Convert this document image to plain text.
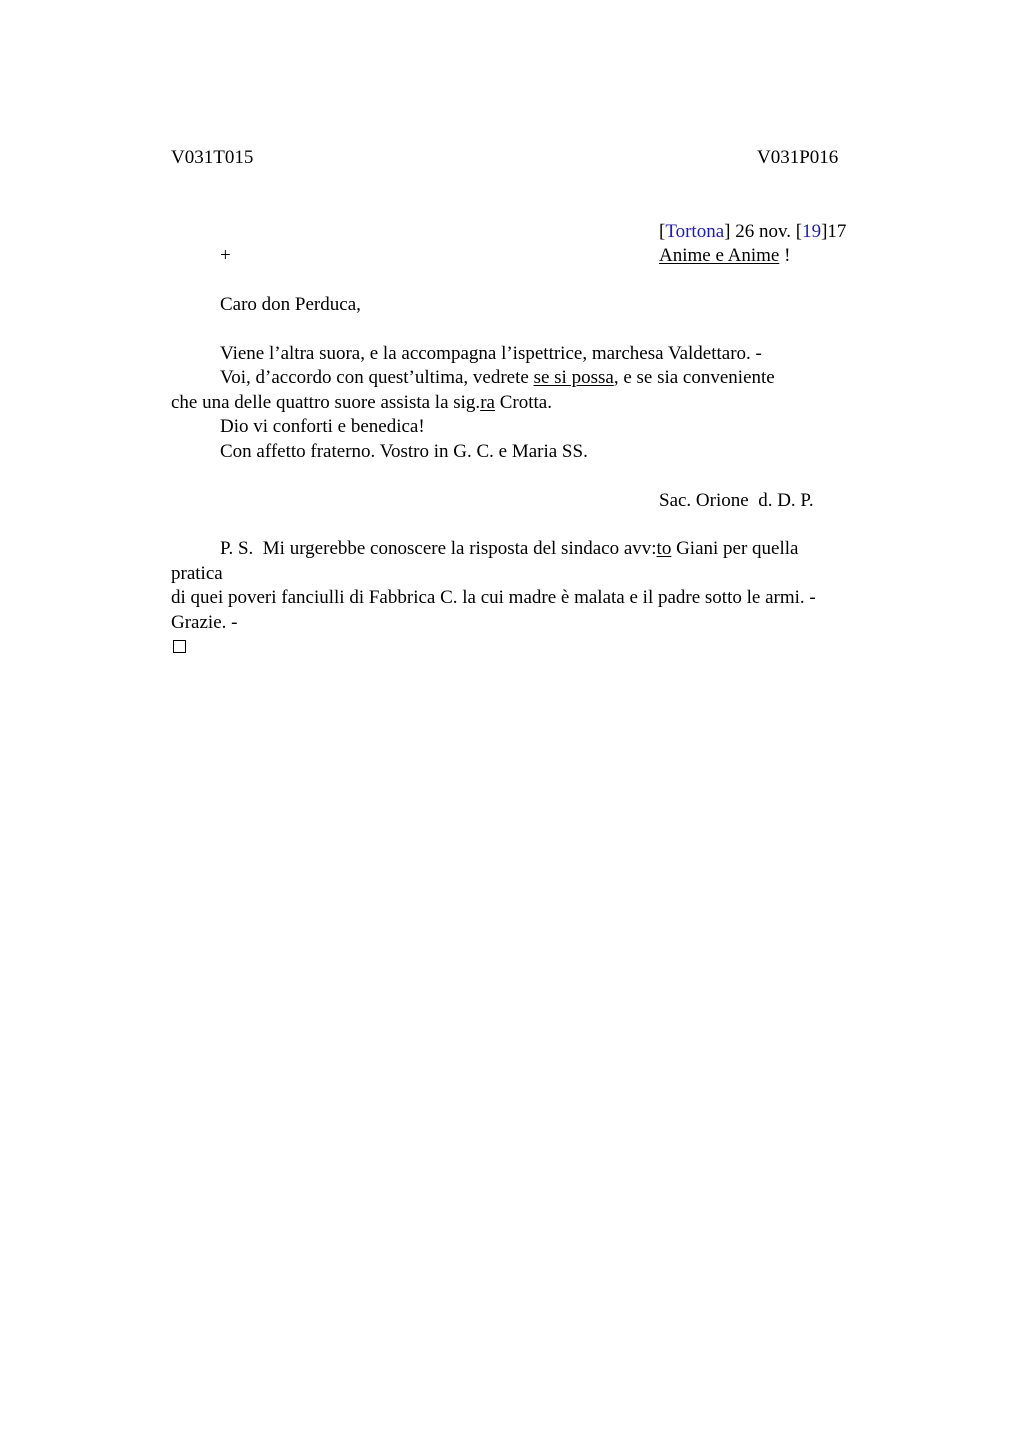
V031T015	V031P016
[Tortona] 26 nov. [19]17
+	Anime e Anime !
Caro don Perduca,
Viene l’altra suora, e la accompagna l’ispettrice, marchesa Valdettaro. -
Voi, d’accordo con quest’ultima, vedrete se si possa, e se sia conveniente
che una delle quattro suore assista la sig.ra Crotta.
Dio vi conforti e benedica!
Con affetto fraterno. Vostro in G. C. e Maria SS.
Sac. Orione  d. D. P.
P. S.  Mi urgerebbe conoscere la risposta del sindaco avv:to Giani per quella
pratica
di quei poveri fanciulli di Fabbrica C. la cui madre è malata e il padre sotto le armi. -
Grazie. -
